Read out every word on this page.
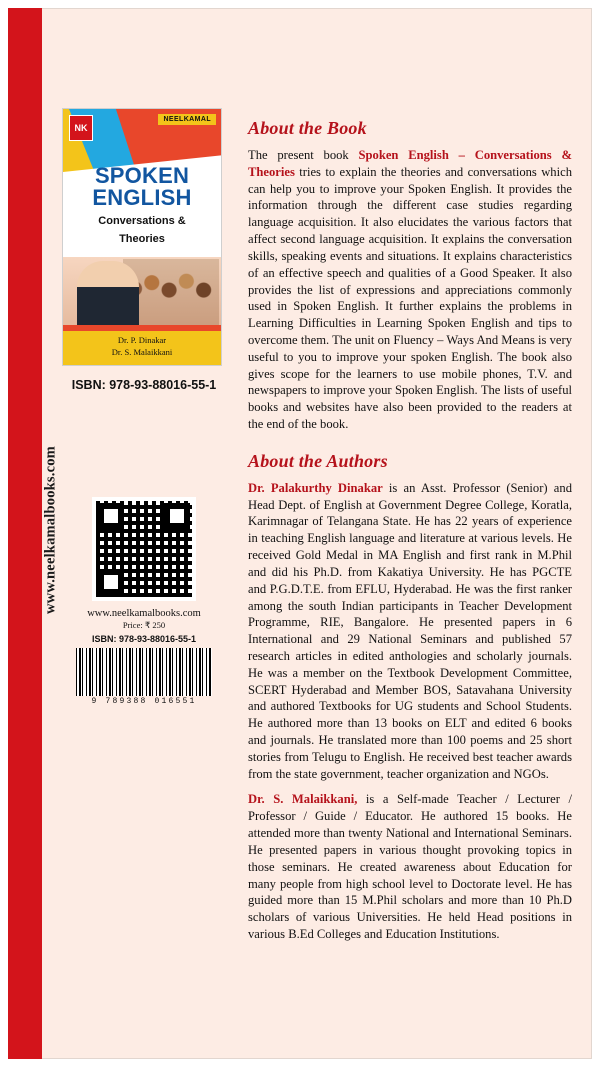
www.neelkamalbooks.com
NK
NEELKAMAL
SPOKEN
ENGLISH
Conversations &
Theories
Dr. P. Dinakar
Dr. S. Malaikkani
ISBN: 978-93-88016-55-1
www.neelkamalbooks.com
Price: ₹ 250
ISBN: 978-93-88016-55-1
9 789388 016551
About the Book

The present book Spoken English – Conversations & Theories tries to explain the theories and conversations which can help you to improve your Spoken English. It provides the information through the different case studies regarding language acquisition. It also elucidates the various factors that affect second language acquisition. It explains the conversation skills, speaking events and situations. It explains characteristics of an effective speech and qualities of a Good Speaker. It also provides the list of expressions and appreciations commonly used in Spoken English. It further explains the problems in Learning Difficulties in Learning Spoken English and tips to overcome them. The unit on Fluency – Ways And Means is very useful to you to improve your spoken English. The book also gives scope for the learners to use mobile phones, T.V. and newspapers to improve your Spoken English. The lists of useful books and websites have also been provided to the readers at the end of the book.

About the Authors

Dr. Palakurthy Dinakar is an Asst. Professor (Senior) and Head Dept. of English at Government Degree College, Koratla, Karimnagar of Telangana State. He has 22 years of experience in teaching English language and literature at various levels. He received Gold Medal in MA English and first rank in M.Phil and did his Ph.D. from Kakatiya University. He has PGCTE and P.G.D.T.E. from EFLU, Hyderabad. He was the first ranker among the south Indian participants in Teacher Development Programme, RIE, Bangalore. He presented papers in 6 International and 29 National Seminars and published 57 research articles in edited anthologies and scholarly journals. He was a member on the Textbook Development Committee, SCERT Hyderabad and Member BOS, Satavahana University and authored Textbooks for UG students and School Students. He authored more than 13 books on ELT and edited 6 books and journals. He translated more than 100 poems and 25 short stories from Telugu to English. He received best teacher awards from the state government, teacher organization and NGOs.

Dr. S. Malaikkani, is a Self-made Teacher / Lecturer / Professor / Guide / Educator. He authored 15 books. He attended more than twenty National and International Seminars. He presented papers in various thought provoking topics in those seminars. He created awareness about Education for many people from high school level to Doctorate level. He has guided more than 15 M.Phil scholars and more than 10 Ph.D scholars of various Universities. He held Head positions in various B.Ed Colleges and Education Institutions.
